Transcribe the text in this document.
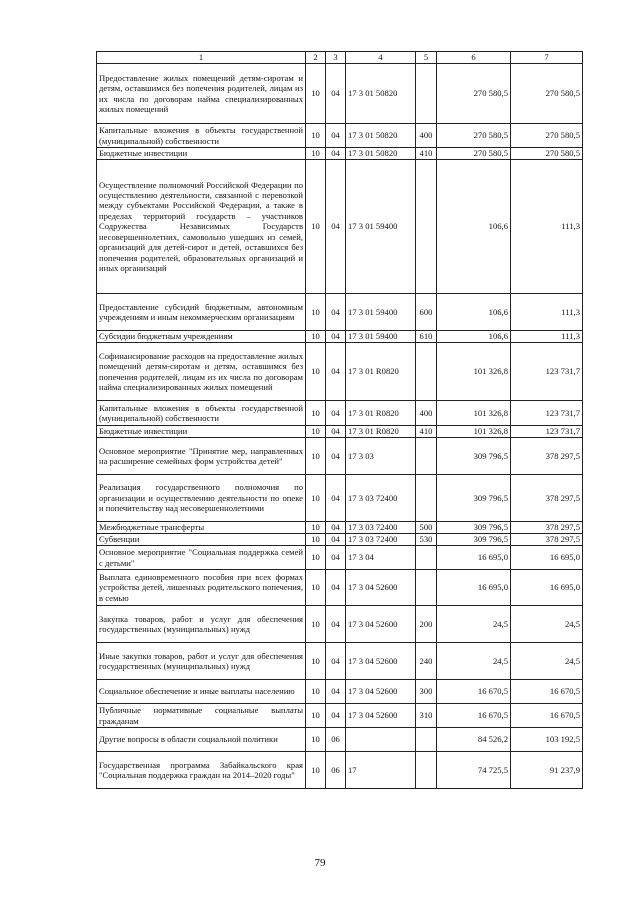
1	2	3	4	5	6	7
Предоставление жилых помещений детям-сиротам и детям, оставшимся без попечения родителей, лицам из их числа по договорам найма специализированных жилых помещений	10	04	17 3 01 50820		270 580,5	270 580,5
Капитальные вложения в объекты государственной (муниципальной) собственности	10	04	17 3 01 50820	400	270 580,5	270 580,5
Бюджетные инвестиции	10	04	17 3 01 50820	410	270 580,5	270 580,5
Осуществление полномочий Российской Федерации по осуществлению деятельности, связанной с перевозкой между субъектами Российской Федерации, а также в пределах территорий государств – участников Содружества Независимых Государств несовершеннолетних, самовольно ушедших из семей, организаций для детей-сирот и детей, оставшихся без попечения родителей, образовательных организаций и иных организаций	10	04	17 3 01 59400		106,6	111,3
Предоставление субсидий бюджетным, автономным учреждениям и иным некоммерческим организациям	10	04	17 3 01 59400	600	106,6	111,3
Субсидии бюджетным учреждениям	10	04	17 3 01 59400	610	106,6	111,3
Софинансирование расходов на предоставление жилых помещений детям-сиротам и детям, оставшимся без попечения родителей, лицам из их числа по договорам найма специализированных жилых помещений	10	04	17 3 01 R0820		101 326,8	123 731,7
Капитальные вложения в объекты государственной (муниципальной) собственности	10	04	17 3 01 R0820	400	101 326,8	123 731,7
Бюджетные инвестиции	10	04	17 3 01 R0820	410	101 326,8	123 731,7
Основное мероприятие "Принятие мер, направленных на расширение семейных форм устройства детей"	10	04	17 3 03		309 796,5	378 297,5
Реализация государственного полномочия по организации и осуществлению деятельности по опеке и попечительству над несовершеннолетними	10	04	17 3 03 72400		309 796,5	378 297,5
Межбюджетные трансферты	10	04	17 3 03 72400	500	309 796,5	378 297,5
Субвенции	10	04	17 3 03 72400	530	309 796,5	378 297,5
Основное мероприятие "Социальная поддержка семей с детьми"	10	04	17 3 04		16 695,0	16 695,0
Выплата единовременного пособия при всех формах устройства детей, лишенных родительского попечения, в семью	10	04	17 3 04 52600		16 695,0	16 695,0
Закупка товаров, работ и услуг для обеспечения государственных (муниципальных) нужд	10	04	17 3 04 52600	200	24,5	24,5
Иные закупки товаров, работ и услуг для обеспечения государственных (муниципальных) нужд	10	04	17 3 04 52600	240	24,5	24,5
Социальное обеспечение и иные выплаты населению	10	04	17 3 04 52600	300	16 670,5	16 670,5
Публичные нормативные социальные выплаты гражданам	10	04	17 3 04 52600	310	16 670,5	16 670,5
Другие вопросы в области социальной политики	10	06			84 526,2	103 192,5
Государственная программа Забайкальского края "Социальная поддержка граждан на 2014–2020 годы"	10	06	17		74 725,5	91 237,9
79
